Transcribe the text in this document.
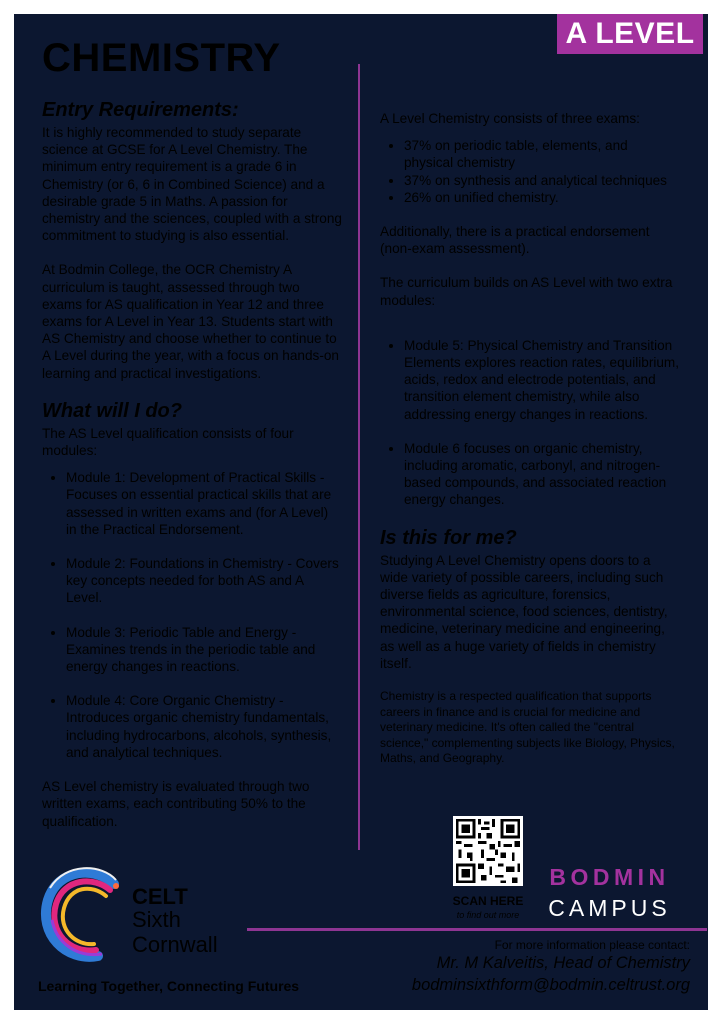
A LEVEL
CHEMISTRY
Entry Requirements:

It is highly recommended to study separate science at GCSE for A Level Chemistry. The minimum entry requirement is a grade 6 in Chemistry (or 6, 6 in Combined Science) and a desirable grade 5 in Maths. A passion for chemistry and the sciences, coupled with a strong commitment to studying is also essential.

At Bodmin College, the OCR Chemistry A curriculum is taught, assessed through two exams for AS qualification in Year 12 and three exams for A Level in Year 13. Students start with AS Chemistry and choose whether to continue to A Level during the year, with a focus on hands-on learning and practical investigations.

What will I do?

The AS Level qualification consists of four modules:

• Module 1: Development of Practical Skills - Focuses on essential practical skills that are assessed in written exams and (for A Level) in the Practical Endorsement.
• Module 2: Foundations in Chemistry - Covers key concepts needed for both AS and A Level.
• Module 3: Periodic Table and Energy - Examines trends in the periodic table and energy changes in reactions.
• Module 4: Core Organic Chemistry - Introduces organic chemistry fundamentals, including hydrocarbons, alcohols, synthesis, and analytical techniques.

AS Level chemistry is evaluated through two written exams, each contributing 50% to the qualification.

A Level Chemistry consists of three exams:

• 37% on periodic table, elements, and physical chemistry
• 37% on synthesis and analytical techniques
• 26% on unified chemistry.

Additionally, there is a practical endorsement (non-exam assessment).

The curriculum builds on AS Level with two extra modules:

• Module 5: Physical Chemistry and Transition Elements explores reaction rates, equilibrium, acids, redox and electrode potentials, and transition element chemistry, while also addressing energy changes in reactions.
• Module 6 focuses on organic chemistry, including aromatic, carbonyl, and nitrogen-based compounds, and associated reaction energy changes.
Is this for me?

Studying A Level Chemistry opens doors to a wide variety of possible careers, including such diverse fields as agriculture, forensics, environmental science, food sciences, dentistry, medicine, veterinary medicine and engineering, as well as a huge variety of fields in chemistry itself.

Chemistry is a respected qualification that supports careers in finance and is crucial for medicine and veterinary medicine. It's often called the "central science," complementing subjects like Biology, Physics, Maths, and Geography.

SCAN HERE
to find out more
BODMIN
CAMPUS
For more information please contact:
Mr. M Kalveitis, Head of Chemistry
bodminsixthform@bodmin.celtrust.org
CELT
Sixth
Cornwall
Learning Together, Connecting Futures
